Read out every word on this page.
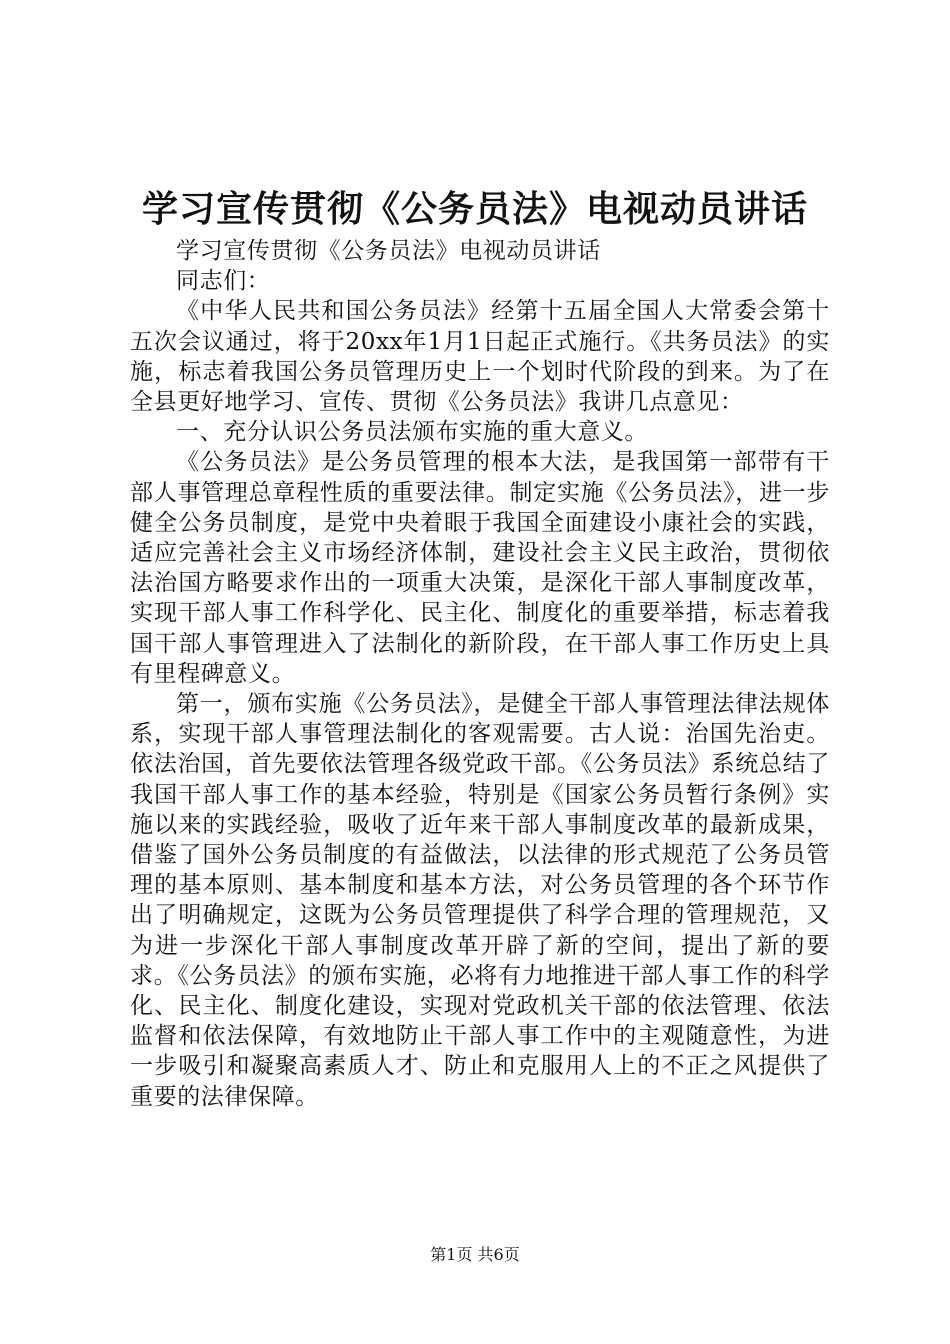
学习宣传贯彻《公务员法》电视动员讲话

学习宣传贯彻《公务员法》电视动员讲话

同志们：

《中华人民共和国公务员法》经第十五届全国人大常委会第十五次会议通过，将于20xx年1月1日起正式施行。《共务员法》的实施，标志着我国公务员管理历史上一个划时代阶段的到来。为了在全县更好地学习、宣传、贯彻《公务员法》我讲几点意见：

一、充分认识公务员法颁布实施的重大意义。

《公务员法》是公务员管理的根本大法，是我国第一部带有干部人事管理总章程性质的重要法律。制定实施《公务员法》，进一步健全公务员制度，是党中央着眼于我国全面建设小康社会的实践，适应完善社会主义市场经济体制，建设社会主义民主政治，贯彻依法治国方略要求作出的一项重大决策，是深化干部人事制度改革，实现干部人事工作科学化、民主化、制度化的重要举措，标志着我国干部人事管理进入了法制化的新阶段，在干部人事工作历史上具有里程碑意义。

第一，颁布实施《公务员法》，是健全干部人事管理法律法规体系，实现干部人事管理法制化的客观需要。古人说：治国先治吏。依法治国，首先要依法管理各级党政干部。《公务员法》系统总结了我国干部人事工作的基本经验，特别是《国家公务员暂行条例》实施以来的实践经验，吸收了近年来干部人事制度改革的最新成果，借鉴了国外公务员制度的有益做法，以法律的形式规范了公务员管理的基本原则、基本制度和基本方法，对公务员管理的各个环节作出了明确规定，这既为公务员管理提供了科学合理的管理规范，又为进一步深化干部人事制度改革开辟了新的空间，提出了新的要求。《公务员法》的颁布实施，必将有力地推进干部人事工作的科学化、民主化、制度化建设，实现对党政机关干部的依法管理、依法监督和依法保障，有效地防止干部人事工作中的主观随意性，为进一步吸引和凝聚高素质人才、防止和克服用人上的不正之风提供了重要的法律保障。

第1页 共6页
